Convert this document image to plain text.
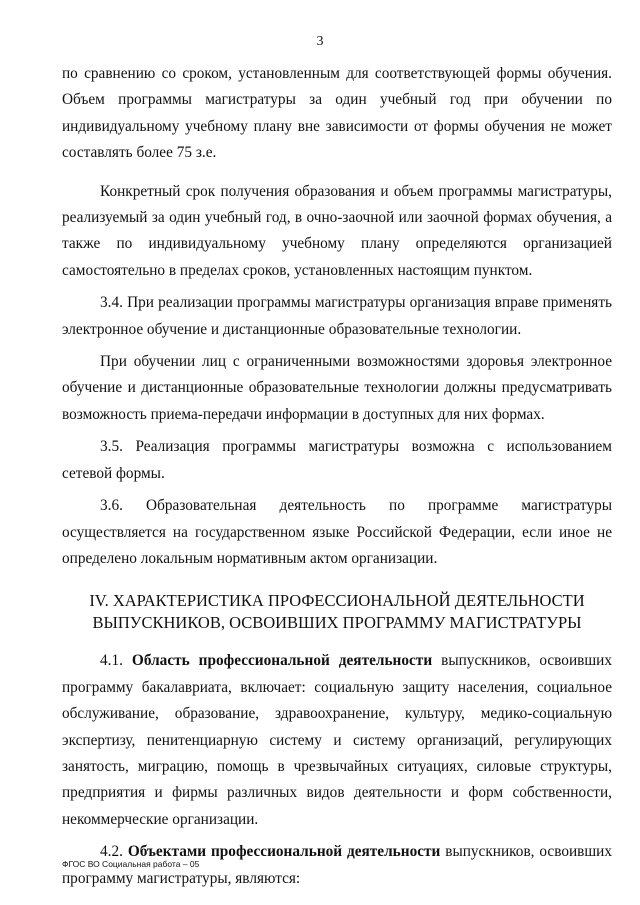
3

по сравнению со сроком, установленным для соответствующей формы обучения. Объем программы магистратуры за один учебный год при обучении по индивидуальному учебному плану вне зависимости от формы обучения не может составлять более 75 з.е.

Конкретный срок получения образования и объем программы магистратуры, реализуемый за один учебный год, в очно-заочной или заочной формах обучения, а также по индивидуальному учебному плану определяются организацией самостоятельно в пределах сроков, установленных настоящим пунктом.

3.4. При реализации программы магистратуры организация вправе применять электронное обучение и дистанционные образовательные технологии.

При обучении лиц с ограниченными возможностями здоровья электронное обучение и дистанционные образовательные технологии должны предусматривать возможность приема-передачи информации в доступных для них формах.

3.5. Реализация программы магистратуры возможна с использованием сетевой формы.

3.6. Образовательная деятельность по программе магистратуры осуществляется на государственном языке Российской Федерации, если иное не определено локальным нормативным актом организации.

IV. ХАРАКТЕРИСТИКА ПРОФЕССИОНАЛЬНОЙ ДЕЯТЕЛЬНОСТИ
ВЫПУСКНИКОВ, ОСВОИВШИХ ПРОГРАММУ МАГИСТРАТУРЫ

4.1. Область профессиональной деятельности выпускников, освоивших программу бакалавриата, включает: социальную защиту населения, социальное обслуживание, образование, здравоохранение, культуру, медико-социальную экспертизу, пенитенциарную систему и систему организаций, регулирующих занятость, миграцию, помощь в чрезвычайных ситуациях, силовые структуры, предприятия и фирмы различных видов деятельности и форм собственности, некоммерческие организации.

4.2. Объектами профессиональной деятельности выпускников, освоивших программу магистратуры, являются:

ФГОС ВО Социальная работа – 05
